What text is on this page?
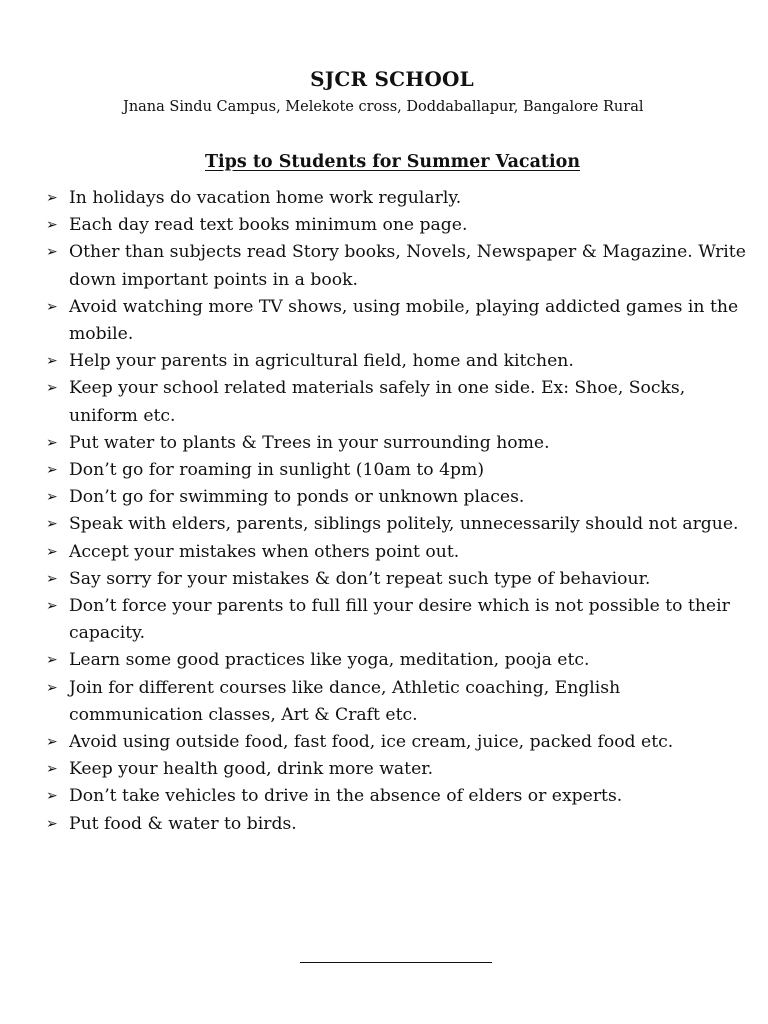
SJCR SCHOOL

Jnana Sindu Campus, Melekote cross, Doddaballapur, Bangalore Rural

Tips to Students for Summer Vacation
➢ In holidays do vacation home work regularly.
➢ Each day read text books minimum one page.
➢ Other than subjects read Story books, Novels, Newspaper & Magazine. Write down important points in a book.
➢ Avoid watching more TV shows, using mobile, playing addicted games in the mobile.
➢ Help your parents in agricultural field, home and kitchen.
➢ Keep your school related materials safely in one side. Ex: Shoe, Socks, uniform etc.
➢ Put water to plants & Trees in your surrounding home.
➢ Don’t go for roaming in sunlight (10am to 4pm)
➢ Don’t go for swimming to ponds or unknown places.
➢ Speak with elders, parents, siblings politely, unnecessarily should not argue.
➢ Accept your mistakes when others point out.
➢ Say sorry for your mistakes & don’t repeat such type of behaviour.
➢ Don’t force your parents to full fill your desire which is not possible to their capacity.
➢ Learn some good practices like yoga, meditation, pooja etc.
➢ Join for different courses like dance, Athletic coaching, English communication classes, Art & Craft etc.
➢ Avoid using outside food, fast food, ice cream, juice, packed food etc.
➢ Keep your health good, drink more water.
➢ Don’t take vehicles to drive in the absence of elders or experts.
➢ Put food & water to birds.
